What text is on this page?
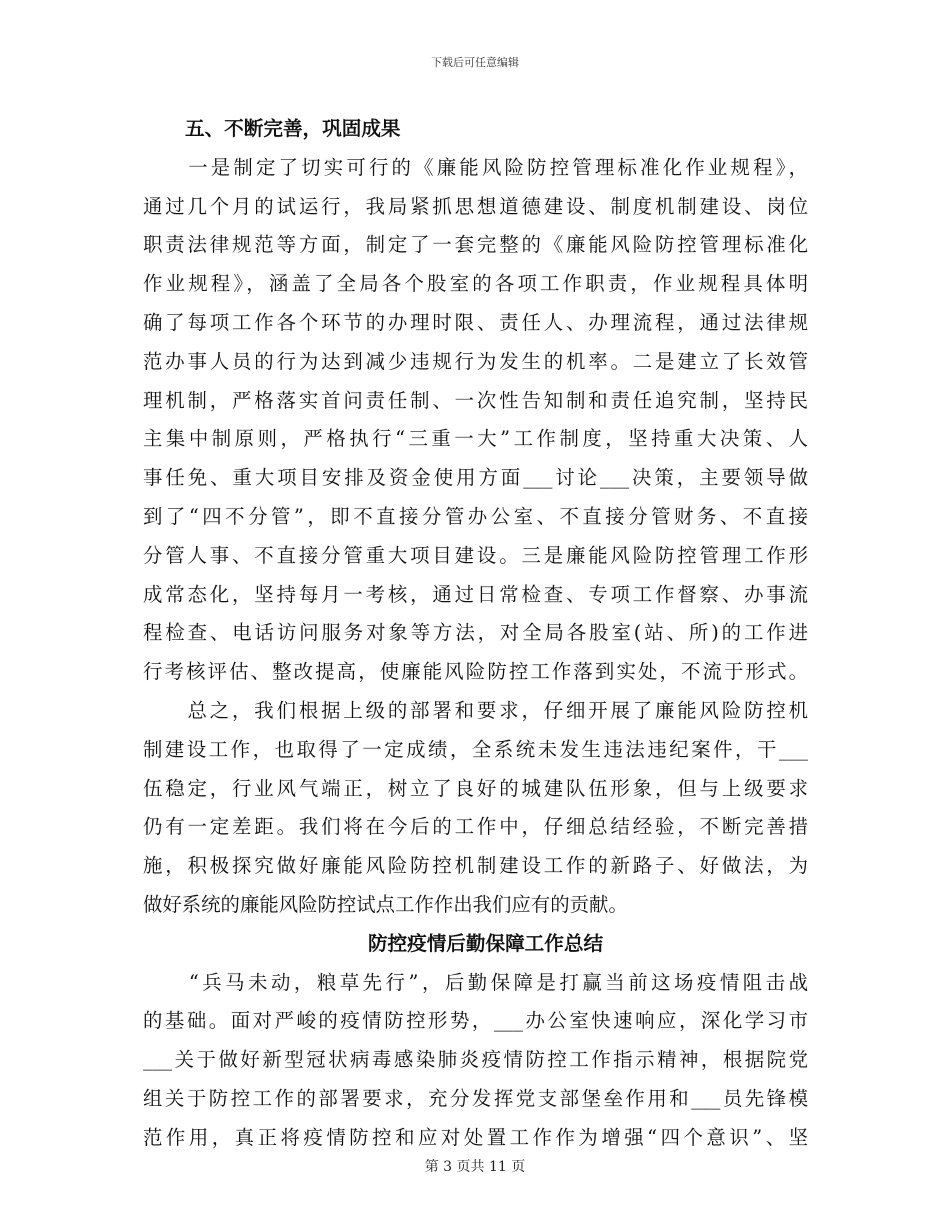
下载后可任意编辑
五、不断完善，巩固成果
　　一是制定了切实可行的《廉能风险防控管理标准化作业规程》，
通过几个月的试运行，我局紧抓思想道德建设、制度机制建设、岗位
职责法律规范等方面，制定了一套完整的《廉能风险防控管理标准化
作业规程》，涵盖了全局各个股室的各项工作职责，作业规程具体明
确了每项工作各个环节的办理时限、责任人、办理流程，通过法律规
范办事人员的行为达到减少违规行为发生的机率。二是建立了长效管
理机制，严格落实首问责任制、一次性告知制和责任追究制，坚持民
主集中制原则，严格执行“三重一大”工作制度，坚持重大决策、人
事任免、重大项目安排及资金使用方面___讨论___决策，主要领导做
到了“四不分管”，即不直接分管办公室、不直接分管财务、不直接
分管人事、不直接分管重大项目建设。三是廉能风险防控管理工作形
成常态化，坚持每月一考核，通过日常检查、专项工作督察、办事流
程检查、电话访问服务对象等方法，对全局各股室(站、所)的工作进
行考核评估、整改提高，使廉能风险防控工作落到实处，不流于形式。
　　总之，我们根据上级的部署和要求，仔细开展了廉能风险防控机
制建设工作，也取得了一定成绩，全系统未发生违法违纪案件，干___
伍稳定，行业风气端正，树立了良好的城建队伍形象，但与上级要求
仍有一定差距。我们将在今后的工作中，仔细总结经验，不断完善措
施，积极探究做好廉能风险防控机制建设工作的新路子、好做法，为
做好系统的廉能风险防控试点工作作出我们应有的贡献。
防控疫情后勤保障工作总结
　　“兵马未动，粮草先行”，后勤保障是打赢当前这场疫情阻击战
的基础。面对严峻的疫情防控形势，___办公室快速响应，深化学习市
___关于做好新型冠状病毒感染肺炎疫情防控工作指示精神，根据院党
组关于防控工作的部署要求，充分发挥党支部堡垒作用和___员先锋模
范作用，真正将疫情防控和应对处置工作作为增强“四个意识”、坚
第 3 页共 11 页
